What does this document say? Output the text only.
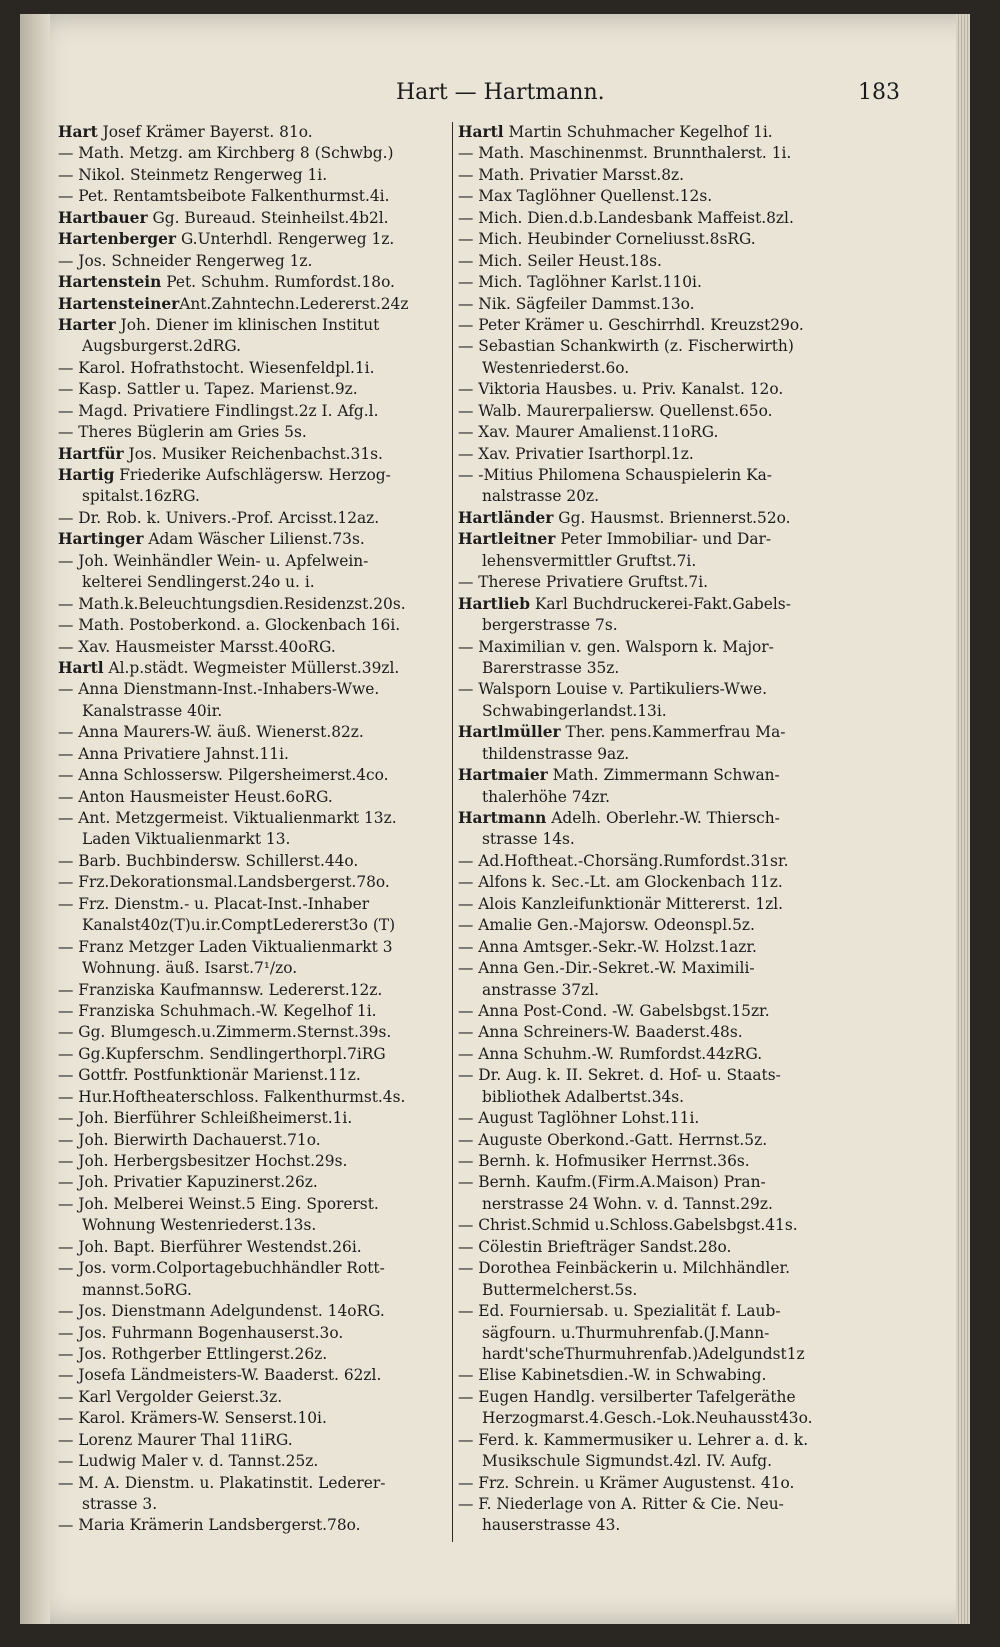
Hart — Hartmann.	183
Hart Josef Krämer Bayerst. 81o.
— Math. Metzg. am Kirchberg 8 (Schwbg.)
— Nikol. Steinmetz Rengerweg 1i.
— Pet. Rentamtsbeibote Falkenthurmst.4i.
Hartbauer Gg. Bureaud. Steinheilst.4b2l.
Hartenberger G.Unterhdl. Rengerweg 1z.
— Jos. Schneider Rengerweg 1z.
Hartenstein Pet. Schuhm. Rumfordst.18o.
HartensteinerAnt.Zahntechn.Ledererst.24z
Harter Joh. Diener im klinischen Institut
Augsburgerst.2dRG.
— Karol. Hofrathstocht. Wiesenfeldpl.1i.
— Kasp. Sattler u. Tapez. Marienst.9z.
— Magd. Privatiere Findlingst.2z I. Afg.l.
— Theres Büglerin am Gries 5s.
Hartfür Jos. Musiker Reichenbachst.31s.
Hartig Friederike Aufschlägersw. Herzog-
spitalst.16zRG.
— Dr. Rob. k. Univers.-Prof. Arcisst.12az.
Hartinger Adam Wäscher Lilienst.73s.
— Joh. Weinhändler Wein- u. Apfelwein-
kelterei Sendlingerst.24o u. i.
— Math.k.Beleuchtungsdien.Residenzst.20s.
— Math. Postoberkond. a. Glockenbach 16i.
— Xav. Hausmeister Marsst.40oRG.
Hartl Al.p.städt. Wegmeister Müllerst.39zl.
— Anna Dienstmann-Inst.-Inhabers-Wwe.
Kanalstrasse 40ir.
— Anna Maurers-W. äuß. Wienerst.82z.
— Anna Privatiere Jahnst.11i.
— Anna Schlossersw. Pilgersheimerst.4co.
— Anton Hausmeister Heust.6oRG.
— Ant. Metzgermeist. Viktualienmarkt 13z.
Laden Viktualienmarkt 13.
— Barb. Buchbindersw. Schillerst.44o.
— Frz.Dekorationsmal.Landsbergerst.78o.
— Frz. Dienstm.- u. Placat-Inst.-Inhaber
Kanalst40z(T)u.ir.ComptLedererst3o (T)
— Franz Metzger Laden Viktualienmarkt 3
Wohnung. äuß. Isarst.7¹/zo.
— Franziska Kaufmannsw. Ledererst.12z.
— Franziska Schuhmach.-W. Kegelhof 1i.
— Gg. Blumgesch.u.Zimmerm.Sternst.39s.
— Gg.Kupferschm. Sendlingerthorpl.7iRG
— Gottfr. Postfunktionär Marienst.11z.
— Hur.Hoftheaterschloss. Falkenthurmst.4s.
— Joh. Bierführer Schleißheimerst.1i.
— Joh. Bierwirth Dachauerst.71o.
— Joh. Herbergsbesitzer Hochst.29s.
— Joh. Privatier Kapuzinerst.26z.
— Joh. Melberei Weinst.5 Eing. Sporerst.
Wohnung Westenriederst.13s.
— Joh. Bapt. Bierführer Westendst.26i.
— Jos. vorm.Colportagebuchhändler Rott-
mannst.5oRG.
— Jos. Dienstmann Adelgundenst. 14oRG.
— Jos. Fuhrmann Bogenhauserst.3o.
— Jos. Rothgerber Ettlingerst.26z.
— Josefa Ländmeisters-W. Baaderst. 62zl.
— Karl Vergolder Geierst.3z.
— Karol. Krämers-W. Senserst.10i.
— Lorenz Maurer Thal 11iRG.
— Ludwig Maler v. d. Tannst.25z.
— M. A. Dienstm. u. Plakatinstit. Lederer-
strasse 3.
— Maria Krämerin Landsbergerst.78o.
Hartl Martin Schuhmacher Kegelhof 1i.
— Math. Maschinenmst. Brunnthalerst. 1i.
— Math. Privatier Marsst.8z.
— Max Taglöhner Quellenst.12s.
— Mich. Dien.d.b.Landesbank Maffeist.8zl.
— Mich. Heubinder Corneliusst.8sRG.
— Mich. Seiler Heust.18s.
— Mich. Taglöhner Karlst.110i.
— Nik. Sägfeiler Dammst.13o.
— Peter Krämer u. Geschirrhdl. Kreuzst29o.
— Sebastian Schankwirth (z. Fischerwirth)
Westenriederst.6o.
— Viktoria Hausbes. u. Priv. Kanalst. 12o.
— Walb. Maurerpaliersw. Quellenst.65o.
— Xav. Maurer Amalienst.11oRG.
— Xav. Privatier Isarthorpl.1z.
— -Mitius Philomena Schauspielerin Ka-
nalstrasse 20z.
Hartländer Gg. Hausmst. Briennerst.52o.
Hartleitner Peter Immobiliar- und Dar-
lehensvermittler Gruftst.7i.
— Therese Privatiere Gruftst.7i.
Hartlieb Karl Buchdruckerei-Fakt.Gabels-
bergerstrasse 7s.
— Maximilian v. gen. Walsporn k. Major-
Barerstrasse 35z.
— Walsporn Louise v. Partikuliers-Wwe.
Schwabingerlandst.13i.
Hartlmüller Ther. pens.Kammerfrau Ma-
thildenstrasse 9az.
Hartmaier Math. Zimmermann Schwan-
thalerhöhe 74zr.
Hartmann Adelh. Oberlehr.-W. Thiersch-
strasse 14s.
— Ad.Hoftheat.-Chorsäng.Rumfordst.31sr.
— Alfons k. Sec.-Lt. am Glockenbach 11z.
— Alois Kanzleifunktionär Mittererst. 1zl.
— Amalie Gen.-Majorsw. Odeonspl.5z.
— Anna Amtsger.-Sekr.-W. Holzst.1azr.
— Anna Gen.-Dir.-Sekret.-W. Maximili-
anstrasse 37zl.
— Anna Post-Cond. -W. Gabelsbgst.15zr.
— Anna Schreiners-W. Baaderst.48s.
— Anna Schuhm.-W. Rumfordst.44zRG.
— Dr. Aug. k. II. Sekret. d. Hof- u. Staats-
bibliothek Adalbertst.34s.
— August Taglöhner Lohst.11i.
— Auguste Oberkond.-Gatt. Herrnst.5z.
— Bernh. k. Hofmusiker Herrnst.36s.
— Bernh. Kaufm.(Firm.A.Maison) Pran-
nerstrasse 24 Wohn. v. d. Tannst.29z.
— Christ.Schmid u.Schloss.Gabelsbgst.41s.
— Cölestin Briefträger Sandst.28o.
— Dorothea Feinbäckerin u. Milchhändler.
Buttermelcherst.5s.
— Ed. Fourniersab. u. Spezialität f. Laub-
sägfourn. u.Thurmuhrenfab.(J.Mann-
hardt'scheThurmuhrenfab.)Adelgundst1z
— Elise Kabinetsdien.-W. in Schwabing.
— Eugen Handlg. versilberter Tafelgeräthe
Herzogmarst.4.Gesch.-Lok.Neuhausst43o.
— Ferd. k. Kammermusiker u. Lehrer a. d. k.
Musikschule Sigmundst.4zl. IV. Aufg.
— Frz. Schrein. u Krämer Augustenst. 41o.
— F. Niederlage von A. Ritter & Cie. Neu-
hauserstrasse 43.
